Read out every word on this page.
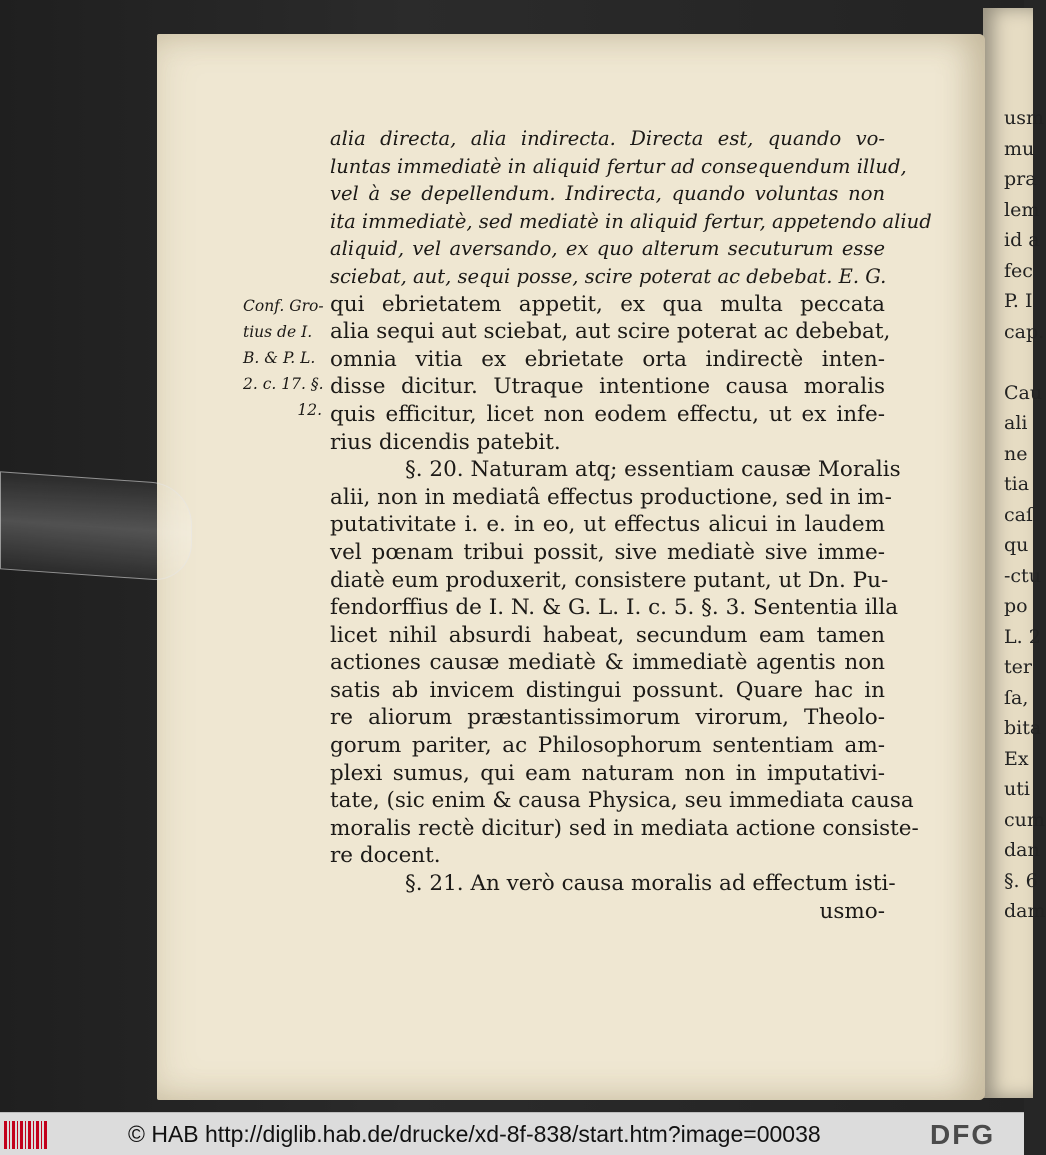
usm
mu
pra
lem
id a
fec
P. I
cap.

Cau
ali
ne
tia
caſ
qu
-ctu
po
L. 2
ter
ſa,
bita
Ex
uti
cum
dan
§. 6
dam
Conf. Gro-
tius de I.
B. & P. L.
2. c. 17. §.
12.
alia directa, alia indirecta. Directa est, quando vo-
luntas immediatè in aliquid fertur ad consequendum illud,
vel à se depellendum. Indirecta, quando voluntas non
ita immediatè, sed mediatè in aliquid fertur, appetendo aliud
aliquid, vel aversando, ex quo alterum secuturum esse
sciebat, aut, sequi posse, scire poterat ac debebat. E. G.
qui ebrietatem appetit, ex qua multa peccata
alia sequi aut sciebat, aut scire poterat ac debebat,
omnia vitia ex ebrietate orta indirectè inten-
disse dicitur. Utraque intentione causa moralis
quis efficitur, licet non eodem effectu, ut ex infe-
rius dicendis patebit.
§. 20. Naturam atq; essentiam causæ Moralis
alii, non in mediatâ effectus productione, sed in im-
putativitate i. e. in eo, ut effectus alicui in laudem
vel pœnam tribui possit, sive mediatè sive imme-
diatè eum produxerit, consistere putant, ut Dn. Pu-
fendorffius de I. N. & G. L. I. c. 5. §. 3. Sententia illa
licet nihil absurdi habeat, secundum eam tamen
actiones causæ mediatè & immediatè agentis non
satis ab invicem distingui possunt. Quare hac in
re aliorum præstantissimorum virorum, Theolo-
gorum pariter, ac Philosophorum sententiam am-
plexi sumus, qui eam naturam non in imputativi-
tate, (sic enim & causa Physica, seu immediata causa
moralis rectè dicitur) sed in mediata actione consiste-
re docent.
§. 21. An verò causa moralis ad effectum isti-
usmo-
© HAB http://diglib.hab.de/drucke/xd-8f-838/start.htm?image=00038	DFG
